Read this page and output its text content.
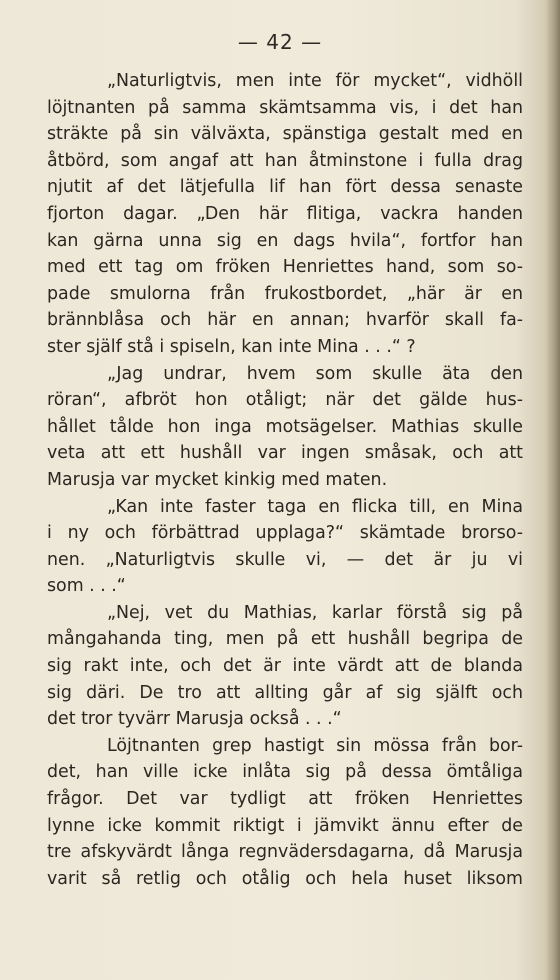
— 42 —
„Naturligtvis, men inte för mycket“, vidhöll
löjtnanten på samma skämtsamma vis, i det han
sträkte på sin välväxta, spänstiga gestalt med en
åtbörd, som angaf att han åtminstone i fulla drag
njutit af det lätjefulla lif han fört dessa senaste
fjorton dagar. „Den här flitiga, vackra handen
kan gärna unna sig en dags hvila“, fortfor han
med ett tag om fröken Henriettes hand, som so-
pade smulorna från frukostbordet, „här är en
brännblåsa och här en annan; hvarför skall fa-
ster själf stå i spiseln, kan inte Mina . . .“ ?
„Jag undrar, hvem som skulle äta den
röran“, afbröt hon otåligt; när det gälde hus-
hållet tålde hon inga motsägelser. Mathias skulle
veta att ett hushåll var ingen småsak, och att
Marusja var mycket kinkig med maten.
„Kan inte faster taga en flicka till, en Mina
i ny och förbättrad upplaga?“ skämtade brorso-
nen. „Naturligtvis skulle vi, — det är ju vi
som . . .“
„Nej, vet du Mathias, karlar förstå sig på
mångahanda ting, men på ett hushåll begripa de
sig rakt inte, och det är inte värdt att de blanda
sig däri. De tro att allting går af sig själft och
det tror tyvärr Marusja också . . .“
Löjtnanten grep hastigt sin mössa från bor-
det, han ville icke inlåta sig på dessa ömtåliga
frågor. Det var tydligt att fröken Henriettes
lynne icke kommit riktigt i jämvikt ännu efter de
tre afskyvärdt långa regnvädersdagarna, då Marusja
varit så retlig och otålig och hela huset liksom
